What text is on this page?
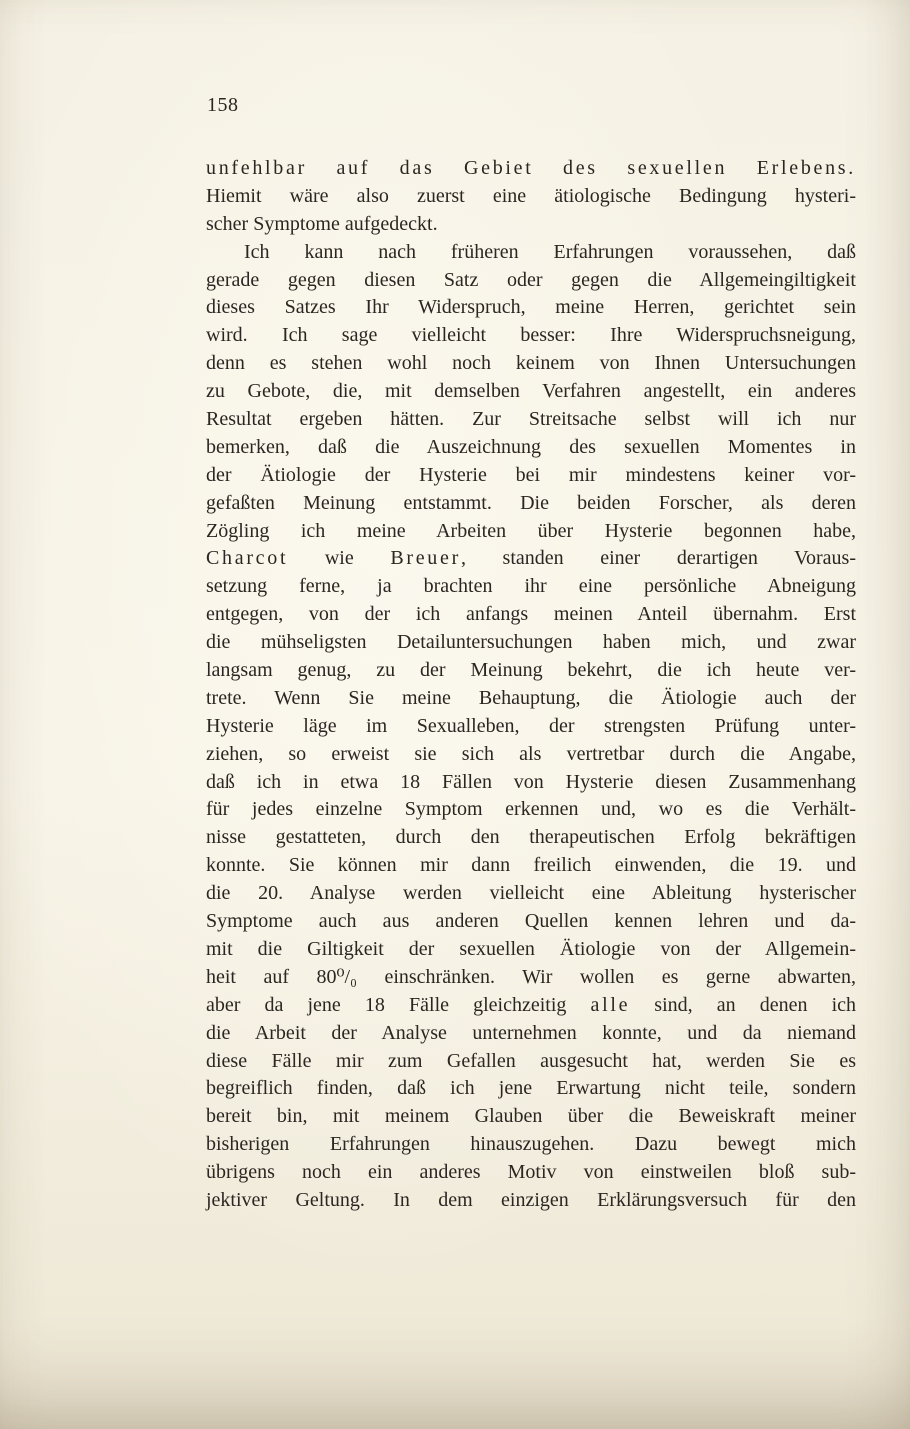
158
unfehlbar auf das Gebiet des sexuellen Erlebens.
Hiemit wäre also zuerst eine ätiologische Bedingung hysteri-
scher Symptome aufgedeckt.
Ich kann nach früheren Erfahrungen voraussehen, daß
gerade gegen diesen Satz oder gegen die Allgemeingiltigkeit
dieses Satzes Ihr Widerspruch, meine Herren, gerichtet sein
wird. Ich sage vielleicht besser: Ihre Widerspruchsneigung,
denn es stehen wohl noch keinem von Ihnen Untersuchungen
zu Gebote, die, mit demselben Verfahren angestellt, ein anderes
Resultat ergeben hätten. Zur Streitsache selbst will ich nur
bemerken, daß die Auszeichnung des sexuellen Momentes in
der Ätiologie der Hysterie bei mir mindestens keiner vor-
gefaßten Meinung entstammt. Die beiden Forscher, als deren
Zögling ich meine Arbeiten über Hysterie begonnen habe,
Charcot wie Breuer, standen einer derartigen Voraus-
setzung ferne, ja brachten ihr eine persönliche Abneigung
entgegen, von der ich anfangs meinen Anteil übernahm. Erst
die mühseligsten Detailuntersuchungen haben mich, und zwar
langsam genug, zu der Meinung bekehrt, die ich heute ver-
trete. Wenn Sie meine Behauptung, die Ätiologie auch der
Hysterie läge im Sexualleben, der strengsten Prüfung unter-
ziehen, so erweist sie sich als vertretbar durch die Angabe,
daß ich in etwa 18 Fällen von Hysterie diesen Zusammenhang
für jedes einzelne Symptom erkennen und, wo es die Verhält-
nisse gestatteten, durch den therapeutischen Erfolg bekräftigen
konnte. Sie können mir dann freilich einwenden, die 19. und
die 20. Analyse werden vielleicht eine Ableitung hysterischer
Symptome auch aus anderen Quellen kennen lehren und da-
mit die Giltigkeit der sexuellen Ätiologie von der Allgemein-
heit auf 80⁰/₀ einschränken. Wir wollen es gerne abwarten,
aber da jene 18 Fälle gleichzeitig alle sind, an denen ich
die Arbeit der Analyse unternehmen konnte, und da niemand
diese Fälle mir zum Gefallen ausgesucht hat, werden Sie es
begreiflich finden, daß ich jene Erwartung nicht teile, sondern
bereit bin, mit meinem Glauben über die Beweiskraft meiner
bisherigen Erfahrungen hinauszugehen. Dazu bewegt mich
übrigens noch ein anderes Motiv von einstweilen bloß sub-
jektiver Geltung. In dem einzigen Erklärungsversuch für den
